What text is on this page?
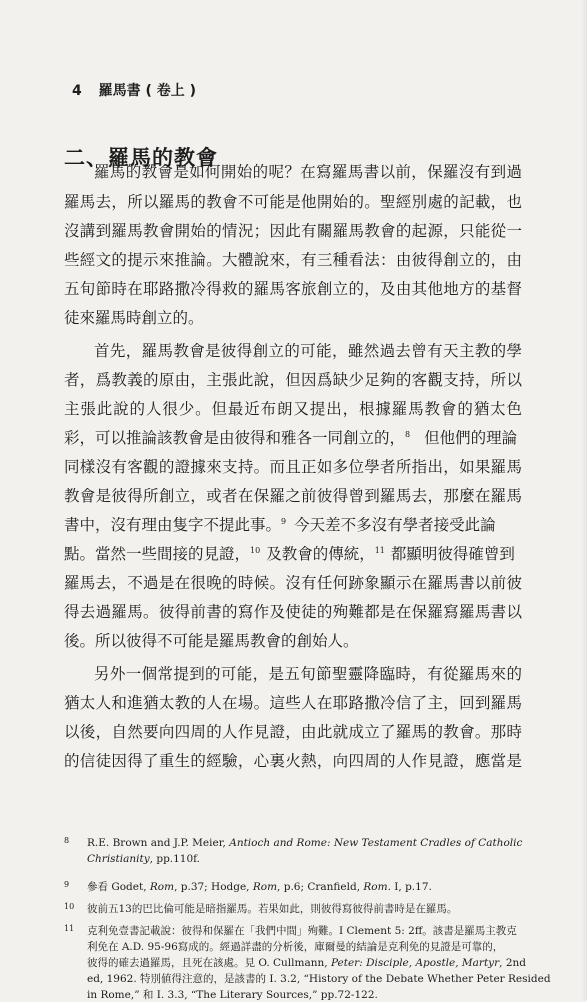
4 羅馬書 ( 卷上 )
二、羅馬的教會
羅馬的教會是如何開始的呢？在寫羅馬書以前，保羅沒有到過
羅馬去，所以羅馬的教會不可能是他開始的。聖經別處的記載，也
沒講到羅馬教會開始的情況；因此有關羅馬教會的起源，只能從一
些經文的提示來推論。大體說來，有三種看法：由彼得創立的，由
五旬節時在耶路撒冷得救的羅馬客旅創立的，及由其他地方的基督
徒來羅馬時創立的。
首先，羅馬教會是彼得創立的可能，雖然過去曾有天主教的學
者，爲教義的原由，主張此說，但因爲缺少足夠的客觀支持，所以
主張此說的人很少。但最近布朗又提出，根據羅馬教會的猶太色
彩，可以推論該教會是由彼得和雅各一同創立的，$^8$ 但他們的理論
同樣沒有客觀的證據來支持。而且正如多位學者所指出，如果羅馬
教會是彼得所創立，或者在保羅之前彼得曾到羅馬去，那麼在羅馬
書中，沒有理由隻字不提此事。$^9$ 今天差不多沒有學者接受此論
點。當然一些間接的見證，$^{10}$ 及教會的傳統，$^{11}$ 都顯明彼得確曾到
羅馬去，不過是在很晚的時候。沒有任何跡象顯示在羅馬書以前彼
得去過羅馬。彼得前書的寫作及使徒的殉難都是在保羅寫羅馬書以
後。所以彼得不可能是羅馬教會的創始人。
另外一個常提到的可能，是五旬節聖靈降臨時，有從羅馬來的
猶太人和進猶太教的人在場。這些人在耶路撒冷信了主，回到羅馬
以後，自然要向四周的人作見證，由此就成立了羅馬的教會。那時
的信徒因得了重生的經驗，心裏火熱，向四周的人作見證，應當是
8 R.E. Brown and J.P. Meier, Antioch and Rome: New Testament Cradles of Catholic
Christianity, pp.110f.
9 參看 Godet, Rom, p.37; Hodge, Rom, p.6; Cranfield, Rom. I, p.17.
10 彼前五13的巴比倫可能是暗指羅馬。若果如此，則彼得寫彼得前書時是在羅馬。
11 克利免壹書記載說：彼得和保羅在「我們中間」殉難。I Clement 5: 2ff。該書是羅馬主教克
利免在 A.D. 95-96寫成的。經過詳盡的分析後，庫爾曼的結論是克利免的見證是可靠的，
彼得的確去過羅馬，且死在該處。見 O. Cullmann, Peter: Disciple, Apostle, Martyr, 2nd
ed, 1962. 特別値得注意的，是該書的 I. 3.2, “History of the Debate Whether Peter Resided
in Rome,” 和 I. 3.3, “The Literary Sources,” pp.72-122.
